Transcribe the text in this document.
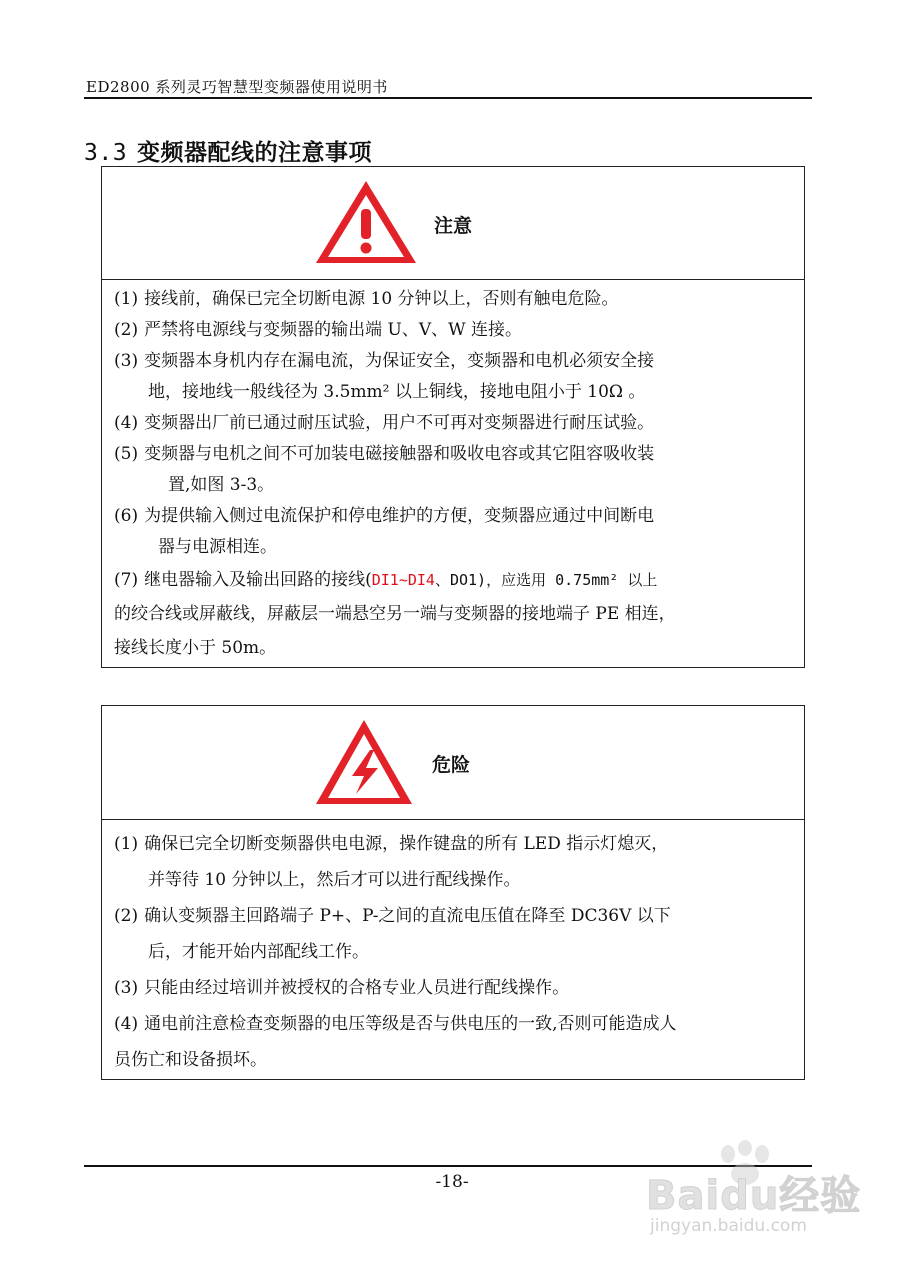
ED2800 系列灵巧智慧型变频器使用说明书
3.3 变频器配线的注意事项
注意

(1) 接线前，确保已完全切断电源 10 分钟以上，否则有触电危险。

(2) 严禁将电源线与变频器的输出端 U、V、W 连接。

(3) 变频器本身机内存在漏电流，为保证安全，变频器和电机必须安全接
地，接地线一般线径为 3.5mm² 以上铜线，接地电阻小于 10Ω 。

(4) 变频器出厂前已通过耐压试验，用户不可再对变频器进行耐压试验。

(5) 变频器与电机之间不可加装电磁接触器和吸收电容或其它阻容吸收装
置,如图 3-3。

(6) 为提供输入侧过电流保护和停电维护的方便，变频器应通过中间断电
器与电源相连。

(7) 继电器输入及输出回路的接线(DI1~DI4、DO1)，应选用 0.75mm² 以上
的绞合线或屏蔽线，屏蔽层一端悬空另一端与变频器的接地端子 PE 相连，
接线长度小于 50m。

危险

(1) 确保已完全切断变频器供电电源，操作键盘的所有 LED 指示灯熄灭，
并等待 10 分钟以上，然后才可以进行配线操作。

(2) 确认变频器主回路端子 P+、P-之间的直流电压值在降至 DC36V 以下
后，才能开始内部配线工作。

(3) 只能由经过培训并被授权的合格专业人员进行配线操作。

(4) 通电前注意检查变频器的电压等级是否与供电压的一致,否则可能造成人
员伤亡和设备损坏。

-18-	Baidu经验
jingyan.baidu.com
